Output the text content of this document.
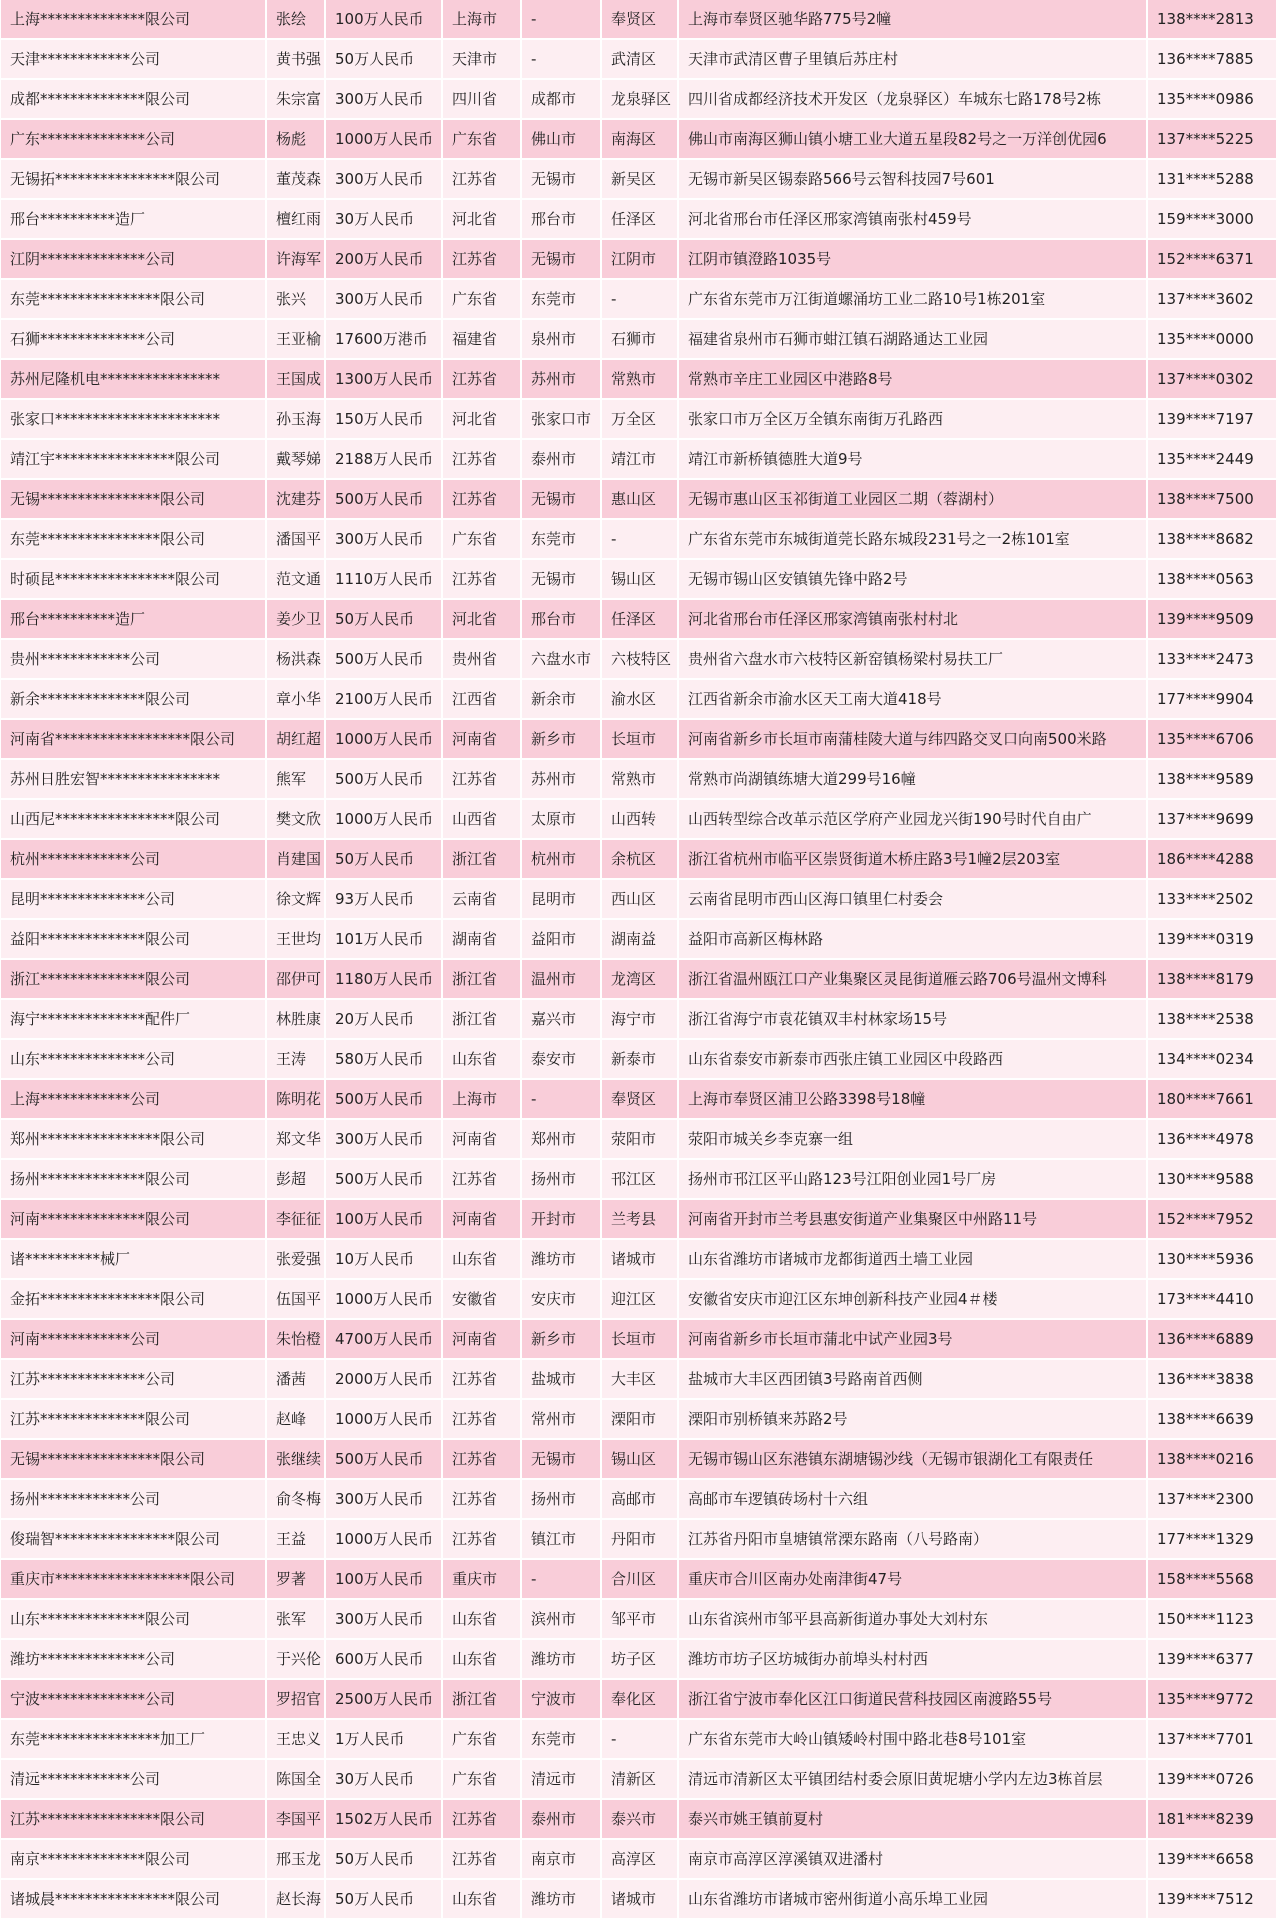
上海**************限公司	张绘	100万人民币	上海市	-	奉贤区	上海市奉贤区驰华路775号2幢	138****2813
天津************公司	黄书强	50万人民币	天津市	-	武清区	天津市武清区曹子里镇后苏庄村	136****7885
成都**************限公司	朱宗富	300万人民币	四川省	成都市	龙泉驿区	四川省成都经济技术开发区（龙泉驿区）车城东七路178号2栋	135****0986
广东**************公司	杨彪	1000万人民币	广东省	佛山市	南海区	佛山市南海区狮山镇小塘工业大道五星段82号之一万洋创优园6	137****5225
无锡拓****************限公司	董茂森	300万人民币	江苏省	无锡市	新吴区	无锡市新吴区锡泰路566号云智科技园7号601	131****5288
邢台**********造厂	檀红雨	30万人民币	河北省	邢台市	任泽区	河北省邢台市任泽区邢家湾镇南张村459号	159****3000
江阴**************公司	许海军	200万人民币	江苏省	无锡市	江阴市	江阴市镇澄路1035号	152****6371
东莞****************限公司	张兴	300万人民币	广东省	东莞市	-	广东省东莞市万江街道螺涌坊工业二路10号1栋201室	137****3602
石狮**************公司	王亚榆	17600万港币	福建省	泉州市	石狮市	福建省泉州市石狮市蚶江镇石湖路通达工业园	135****0000
苏州尼隆机电****************	王国成	1300万人民币	江苏省	苏州市	常熟市	常熟市辛庄工业园区中港路8号	137****0302
张家口**********************	孙玉海	150万人民币	河北省	张家口市	万全区	张家口市万全区万全镇东南街万孔路西	139****7197
靖江宇****************限公司	戴琴娣	2188万人民币	江苏省	泰州市	靖江市	靖江市新桥镇德胜大道9号	135****2449
无锡****************限公司	沈建芬	500万人民币	江苏省	无锡市	惠山区	无锡市惠山区玉祁街道工业园区二期（蓉湖村）	138****7500
东莞****************限公司	潘国平	300万人民币	广东省	东莞市	-	广东省东莞市东城街道莞长路东城段231号之一2栋101室	138****8682
时硕昆****************限公司	范文通	1110万人民币	江苏省	无锡市	锡山区	无锡市锡山区安镇镇先锋中路2号	138****0563
邢台**********造厂	姜少卫	50万人民币	河北省	邢台市	任泽区	河北省邢台市任泽区邢家湾镇南张村村北	139****9509
贵州************公司	杨洪森	500万人民币	贵州省	六盘水市	六枝特区	贵州省六盘水市六枝特区新窑镇杨梁村易扶工厂	133****2473
新余**************限公司	章小华	2100万人民币	江西省	新余市	渝水区	江西省新余市渝水区天工南大道418号	177****9904
河南省******************限公司	胡红超	1000万人民币	河南省	新乡市	长垣市	河南省新乡市长垣市南蒲桂陵大道与纬四路交叉口向南500米路	135****6706
苏州日胜宏智****************	熊军	500万人民币	江苏省	苏州市	常熟市	常熟市尚湖镇练塘大道299号16幢	138****9589
山西尼****************限公司	樊文欣	1000万人民币	山西省	太原市	山西转	山西转型综合改革示范区学府产业园龙兴街190号时代自由广	137****9699
杭州************公司	肖建国	50万人民币	浙江省	杭州市	余杭区	浙江省杭州市临平区崇贤街道木桥庄路3号1幢2层203室	186****4288
昆明**************公司	徐文辉	93万人民币	云南省	昆明市	西山区	云南省昆明市西山区海口镇里仁村委会	133****2502
益阳**************限公司	王世均	101万人民币	湖南省	益阳市	湖南益	益阳市高新区梅林路	139****0319
浙江**************限公司	邵伊可	1180万人民币	浙江省	温州市	龙湾区	浙江省温州瓯江口产业集聚区灵昆街道雁云路706号温州文博科	138****8179
海宁**************配件厂	林胜康	20万人民币	浙江省	嘉兴市	海宁市	浙江省海宁市袁花镇双丰村林家场15号	138****2538
山东**************公司	王涛	580万人民币	山东省	泰安市	新泰市	山东省泰安市新泰市西张庄镇工业园区中段路西	134****0234
上海************公司	陈明花	500万人民币	上海市	-	奉贤区	上海市奉贤区浦卫公路3398号18幢	180****7661
郑州****************限公司	郑文华	300万人民币	河南省	郑州市	荥阳市	荥阳市城关乡李克寨一组	136****4978
扬州**************限公司	彭超	500万人民币	江苏省	扬州市	邗江区	扬州市邗江区平山路123号江阳创业园1号厂房	130****9588
河南**************限公司	李征征	100万人民币	河南省	开封市	兰考县	河南省开封市兰考县惠安街道产业集聚区中州路11号	152****7952
诸**********械厂	张爱强	10万人民币	山东省	潍坊市	诸城市	山东省潍坊市诸城市龙都街道西土墙工业园	130****5936
金拓****************限公司	伍国平	1000万人民币	安徽省	安庆市	迎江区	安徽省安庆市迎江区东坤创新科技产业园4＃楼	173****4410
河南************公司	朱怡橙	4700万人民币	河南省	新乡市	长垣市	河南省新乡市长垣市蒲北中试产业园3号	136****6889
江苏**************公司	潘茜	2000万人民币	江苏省	盐城市	大丰区	盐城市大丰区西团镇3号路南首西侧	136****3838
江苏**************限公司	赵峰	1000万人民币	江苏省	常州市	溧阳市	溧阳市别桥镇来苏路2号	138****6639
无锡****************限公司	张继续	500万人民币	江苏省	无锡市	锡山区	无锡市锡山区东港镇东湖塘锡沙线（无锡市银湖化工有限责任	138****0216
扬州************公司	俞冬梅	300万人民币	江苏省	扬州市	高邮市	高邮市车逻镇砖场村十六组	137****2300
俊瑞智****************限公司	王益	1000万人民币	江苏省	镇江市	丹阳市	江苏省丹阳市皇塘镇常溧东路南（八号路南）	177****1329
重庆市******************限公司	罗著	100万人民币	重庆市	-	合川区	重庆市合川区南办处南津街47号	158****5568
山东**************限公司	张军	300万人民币	山东省	滨州市	邹平市	山东省滨州市邹平县高新街道办事处大刘村东	150****1123
潍坊**************公司	于兴伦	600万人民币	山东省	潍坊市	坊子区	潍坊市坊子区坊城街办前埠头村村西	139****6377
宁波**************公司	罗招官	2500万人民币	浙江省	宁波市	奉化区	浙江省宁波市奉化区江口街道民营科技园区南渡路55号	135****9772
东莞****************加工厂	王忠义	1万人民币	广东省	东莞市	-	广东省东莞市大岭山镇矮岭村围中路北巷8号101室	137****7701
清远************公司	陈国全	30万人民币	广东省	清远市	清新区	清远市清新区太平镇团结村委会原旧黄坭塘小学内左边3栋首层	139****0726
江苏****************限公司	李国平	1502万人民币	江苏省	泰州市	泰兴市	泰兴市姚王镇前夏村	181****8239
南京**************限公司	邢玉龙	50万人民币	江苏省	南京市	高淳区	南京市高淳区淳溪镇双进潘村	139****6658
诸城晨****************限公司	赵长海	50万人民币	山东省	潍坊市	诸城市	山东省潍坊市诸城市密州街道小高乐埠工业园	139****7512
